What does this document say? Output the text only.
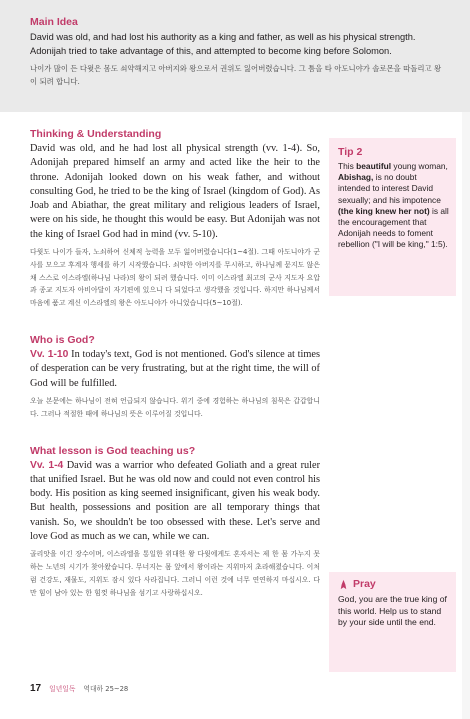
Main Idea
David was old, and had lost his authority as a king and father, as well as his physical strength. Adonijah tried to take advantage of this, and attempted to become king before Solomon.
나이가 많이 든 다윗은 몸도 쇠약해지고 아버지와 왕으로서 권위도 잃어버렸습니다. 그 틈을 타 아도니야가 솔로몬을 따돌리고 왕이 되려 합니다.
Thinking & Understanding

David was old, and he had lost all physical strength (vv. 1-4). So, Adonijah prepared himself an army and acted like the heir to the throne. Adonijah looked down on his weak father, and without consulting God, he tried to be the king of Israel (kingdom of God). As Joab and Abiathar, the great military and religious leaders of Israel, were on his side, he thought this would be easy. But Adonijah was not the king of Israel God had in mind (vv. 5-10).

다윗도 나이가 들자, 노쇠하여 신체적 능력을 모두 잃어버렸습니다(1~4절). 그때 아도니야가 군사를 모으고 후계자 행세를 하기 시작했습니다. 쇠약한 아버지를 무시하고, 하나님께 묻지도 않은 채 스스로 이스라엘(하나님 나라)의 왕이 되려 했습니다. 이미 이스라엘 최고의 군사 지도자 요압과 종교 지도자 아비아달이 자기편에 있으니 다 되었다고 생각했을 것입니다. 하지만 하나님께서 마음에 품고 계신 이스라엘의 왕은 아도니야가 아니었습니다(5~10절).

Who is God?

Vv. 1-10 In today's text, God is not mentioned. God's silence at times of desperation can be very frustrating, but at the right time, the will of God will be fulfilled.

오늘 본문에는 하나님이 전혀 언급되지 않습니다. 위기 중에 경험하는 하나님의 침묵은 갑갑합니다. 그러나 적절한 때에 하나님의 뜻은 이루어질 것입니다.

What lesson is God teaching us?

Vv. 1-4 David was a warrior who defeated Goliath and a great ruler that unified Israel. But he was old now and could not even control his body. His position as king seemed insignificant, given his weak body. But health, possessions and position are all temporary things that vanish. So, we shouldn't be too obsessed with these. Let's serve and love God as much as we can, while we can.

골리앗을 이긴 장수이며, 이스라엘을 통일한 위대한 왕 다윗에게도 혼자서는 제 한 몸 가누지 못하는 노년의 시기가 찾아왔습니다. 무너지는 몸 앞에서 왕이라는 지위마저 초라해졌습니다. 이처럼 건강도, 재물도, 지위도 잠시 있다 사라집니다. 그러니 이런 것에 너무 연연하지 마십시오. 다만 힘이 남아 있는 한 힘껏 하나님을 섬기고 사랑하십시오.

Tip 2
This beautiful young woman, Abishag, is no doubt intended to interest David sexually; and his impotence (the king knew her not) is all the encouragement that Adonijah needs to foment rebellion ("I will be king," 1:5).
Pray
God, you are the true king of this world. Help us to stand by your side until the end.
17 일년일독 역대하 25~28
